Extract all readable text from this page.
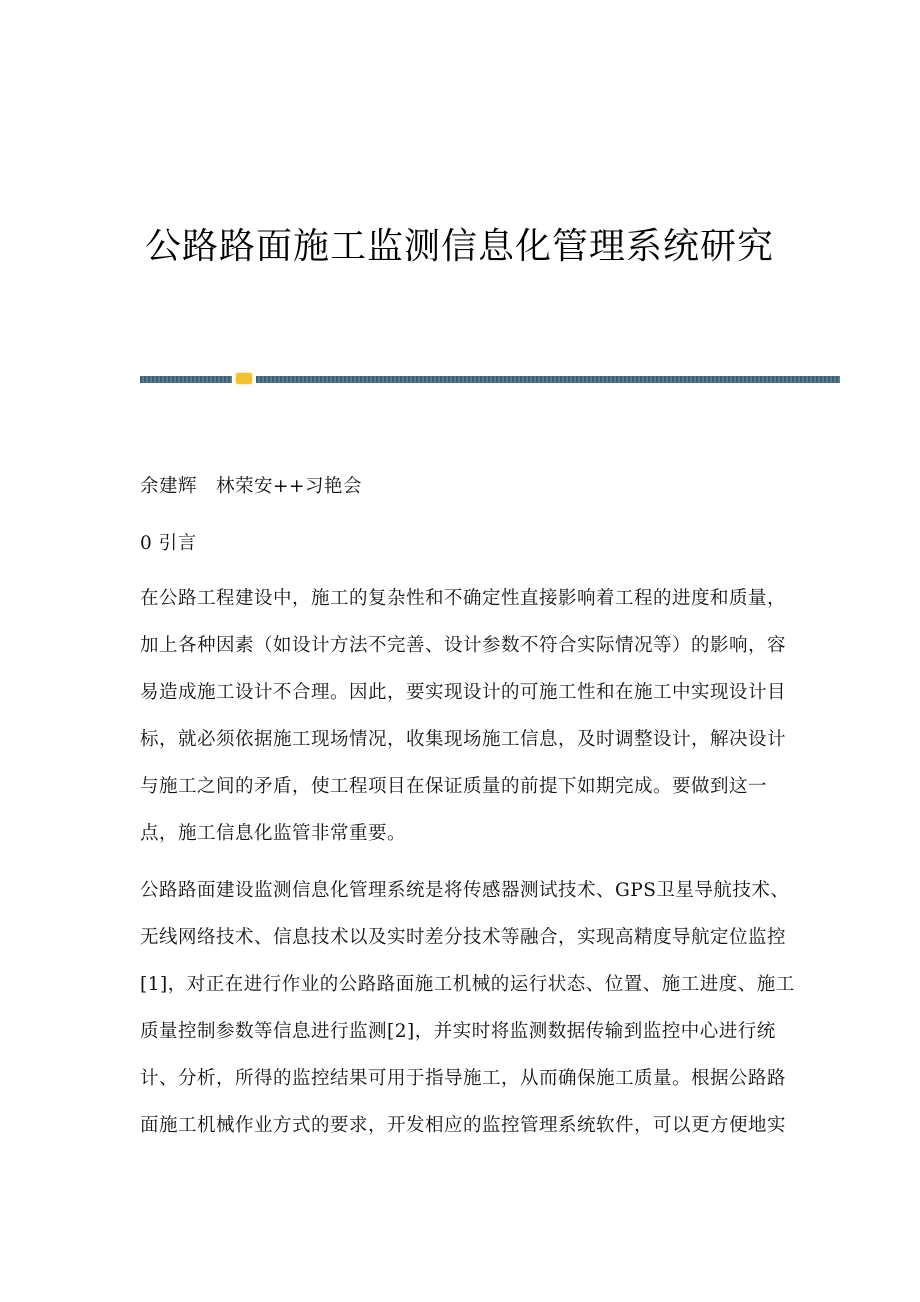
公路路面施工监测信息化管理系统研究
余建辉　林荣安++习艳会
0 引言
在公路工程建设中，施工的复杂性和不确定性直接影响着工程的进度和质量，
加上各种因素（如设计方法不完善、设计参数不符合实际情况等）的影响，容
易造成施工设计不合理。因此，要实现设计的可施工性和在施工中实现设计目
标，就必须依据施工现场情况，收集现场施工信息，及时调整设计，解决设计
与施工之间的矛盾，使工程项目在保证质量的前提下如期完成。要做到这一
点，施工信息化监管非常重要。
公路路面建设监测信息化管理系统是将传感器测试技术、GPS卫星导航技术、
无线网络技术、信息技术以及实时差分技术等融合，实现高精度导航定位监控
[1]，对正在进行作业的公路路面施工机械的运行状态、位置、施工进度、施工
质量控制参数等信息进行监测[2]，并实时将监测数据传输到监控中心进行统
计、分析，所得的监控结果可用于指导施工，从而确保施工质量。根据公路路
面施工机械作业方式的要求，开发相应的监控管理系统软件，可以更方便地实
